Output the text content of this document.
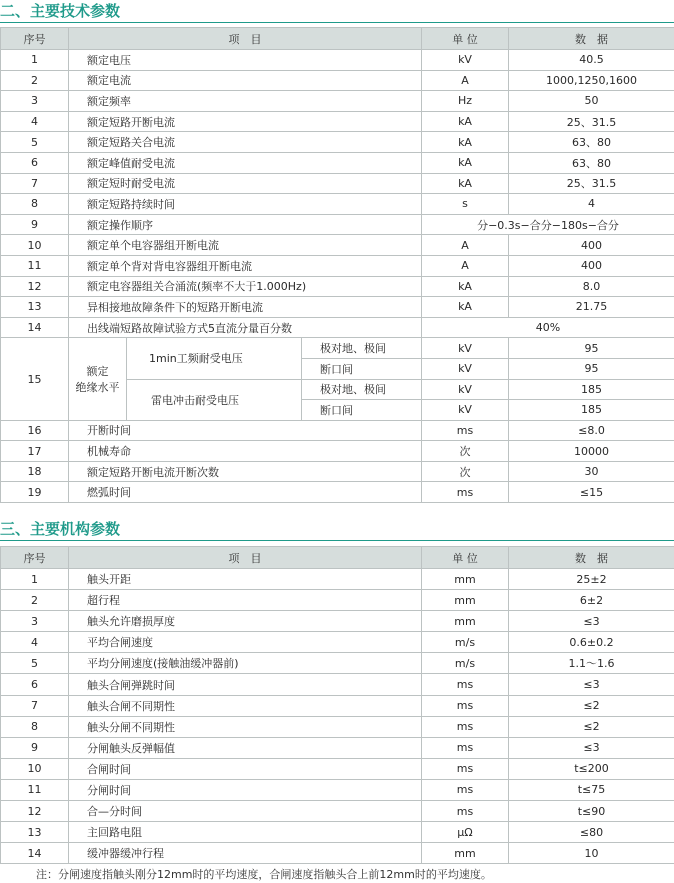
二、主要技术参数
序号	项　目			单 位	数　据
1	额定电压			kV	40.5
2	额定电流			A	1000,1250,1600
3	额定频率			Hz	50
4	额定短路开断电流			kA	25、31.5
5	额定短路关合电流			kA	63、80
6	额定峰值耐受电流			kA	63、80
7	额定短时耐受电流			kA	25、31.5
8	额定短路持续时间			s	4
9	额定操作顺序			分−0.3s−合分−180s−合分	
10	额定单个电容器组开断电流			A	400
11	额定单个背对背电容器组开断电流			A	400
12	额定电容器组关合涌流(频率不大于1.000Hz)			kA	8.0
13	异相接地故障条件下的短路开断电流			kA	21.75
14	出线端短路故障试验方式5直流分量百分数			40%	
15	额定
绝缘水平	1min工频耐受电压	极对地、极间	kV	95
			断口间	kV	95
		雷电冲击耐受电压	极对地、极间	kV	185
			断口间	kV	185
16	开断时间			ms	≤8.0
17	机械寿命			次	10000
18	额定短路开断电流开断次数			次	30
19	燃弧时间			ms	≤15
三、主要机构参数
序号	项　目	单 位	数　据
1	触头开距	mm	25±2
2	超行程	mm	6±2
3	触头允许磨损厚度	mm	≤3
4	平均合闸速度	m/s	0.6±0.2
5	平均分闸速度(接触油缓冲器前)	m/s	1.1～1.6
6	触头合闸弹跳时间	ms	≤3
7	触头合闸不同期性	ms	≤2
8	触头分闸不同期性	ms	≤2
9	分闸触头反弹幅值	ms	≤3
10	合闸时间	ms	t≤200
11	分闸时间	ms	t≤75
12	合—分时间	ms	t≤90
13	主回路电阻	μΩ	≤80
14	缓冲器缓冲行程	mm	10
注：分闸速度指触头刚分12mm时的平均速度，合闸速度指触头合上前12mm时的平均速度。
